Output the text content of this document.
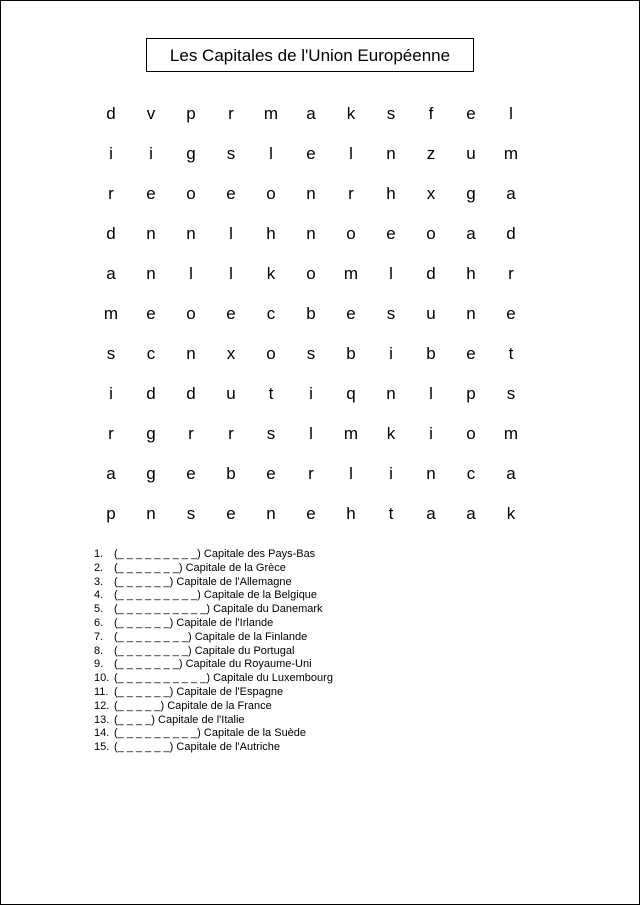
Les Capitales de l'Union Européenne
d	v	p	r	m	a	k	s	f	e	l
i	i	g	s	l	e	l	n	z	u	m
r	e	o	e	o	n	r	h	x	g	a
d	n	n	l	h	n	o	e	o	a	d
a	n	l	l	k	o	m	l	d	h	r
m	e	o	e	c	b	e	s	u	n	e
s	c	n	x	o	s	b	i	b	e	t
i	d	d	u	t	i	q	n	l	p	s
r	g	r	r	s	l	m	k	i	o	m
a	g	e	b	e	r	l	i	n	c	a
p	n	s	e	n	e	h	t	a	a	k
1. (_ _ _ _ _ _ _ _ _) Capitale des Pays-Bas
2. (_ _ _ _ _ _ _) Capitale de la Grèce
3. (_ _ _ _ _ _) Capitale de l'Allemagne
4. (_ _ _ _ _ _ _ _ _) Capitale de la Belgique
5. (_ _ _ _ _ _ _ _ _ _) Capitale du Danemark
6. (_ _ _ _ _ _) Capitale de l'Irlande
7. (_ _ _ _ _ _ _ _) Capitale de la Finlande
8. (_ _ _ _ _ _ _ _) Capitale du Portugal
9. (_ _ _ _ _ _ _) Capitale du Royaume-Uni
10. (_ _ _ _ _ _ _ _ _ _) Capitale du Luxembourg
11. (_ _ _ _ _ _) Capitale de l'Espagne
12. (_ _ _ _ _) Capitale de la France
13. (_ _ _ _) Capitale de l'Italie
14. (_ _ _ _ _ _ _ _ _) Capitale de la Suède
15. (_ _ _ _ _ _) Capitale de l'Autriche
